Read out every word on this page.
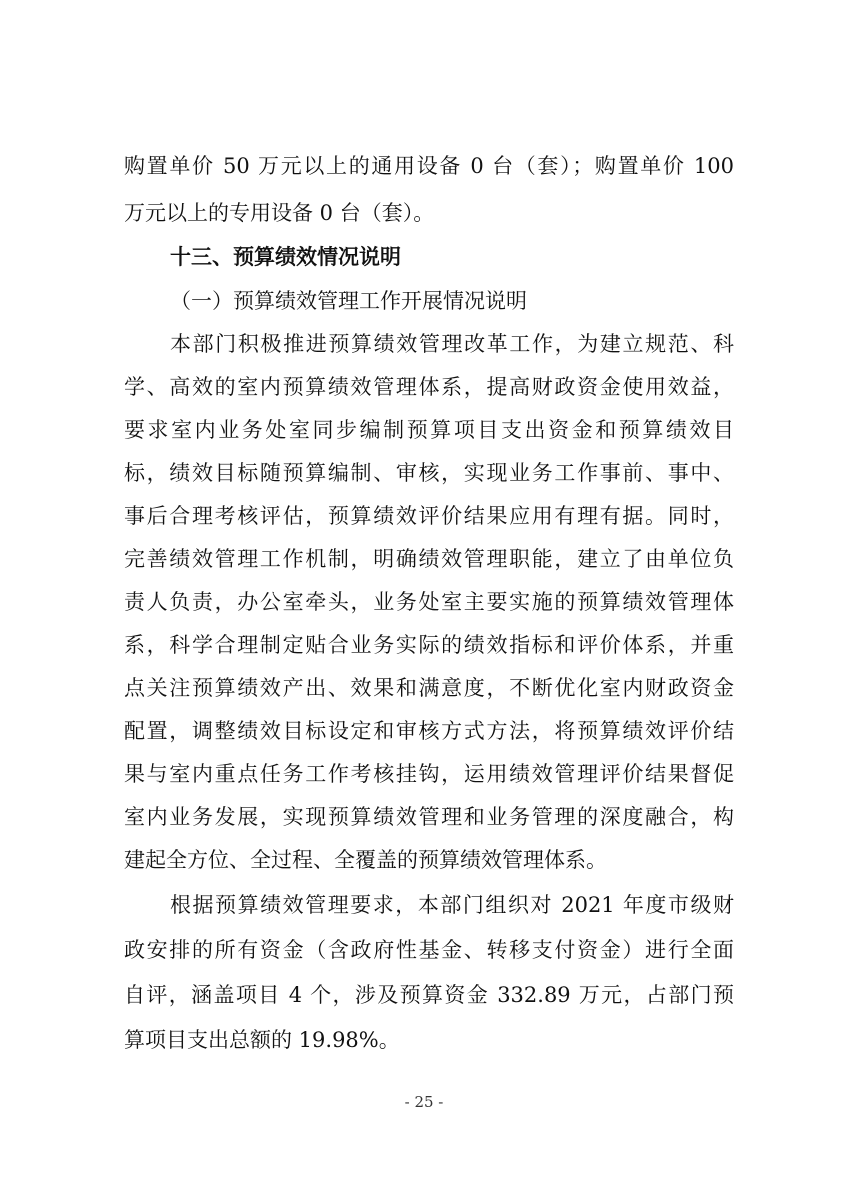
购置单价 50 万元以上的通用设备 0 台（套）；购置单价 100
万元以上的专用设备 0 台（套）。
十三、预算绩效情况说明
（一）预算绩效管理工作开展情况说明
本部门积极推进预算绩效管理改革工作，为建立规范、科
学、高效的室内预算绩效管理体系，提高财政资金使用效益，
要求室内业务处室同步编制预算项目支出资金和预算绩效目
标，绩效目标随预算编制、审核，实现业务工作事前、事中、
事后合理考核评估，预算绩效评价结果应用有理有据。同时，
完善绩效管理工作机制，明确绩效管理职能，建立了由单位负
责人负责，办公室牵头，业务处室主要实施的预算绩效管理体
系，科学合理制定贴合业务实际的绩效指标和评价体系，并重
点关注预算绩效产出、效果和满意度，不断优化室内财政资金
配置，调整绩效目标设定和审核方式方法，将预算绩效评价结
果与室内重点任务工作考核挂钩，运用绩效管理评价结果督促
室内业务发展，实现预算绩效管理和业务管理的深度融合，构
建起全方位、全过程、全覆盖的预算绩效管理体系。
根据预算绩效管理要求，本部门组织对 2021 年度市级财
政安排的所有资金（含政府性基金、转移支付资金）进行全面
自评，涵盖项目 4 个，涉及预算资金 332.89 万元，占部门预
算项目支出总额的 19.98%。
- 25 -
